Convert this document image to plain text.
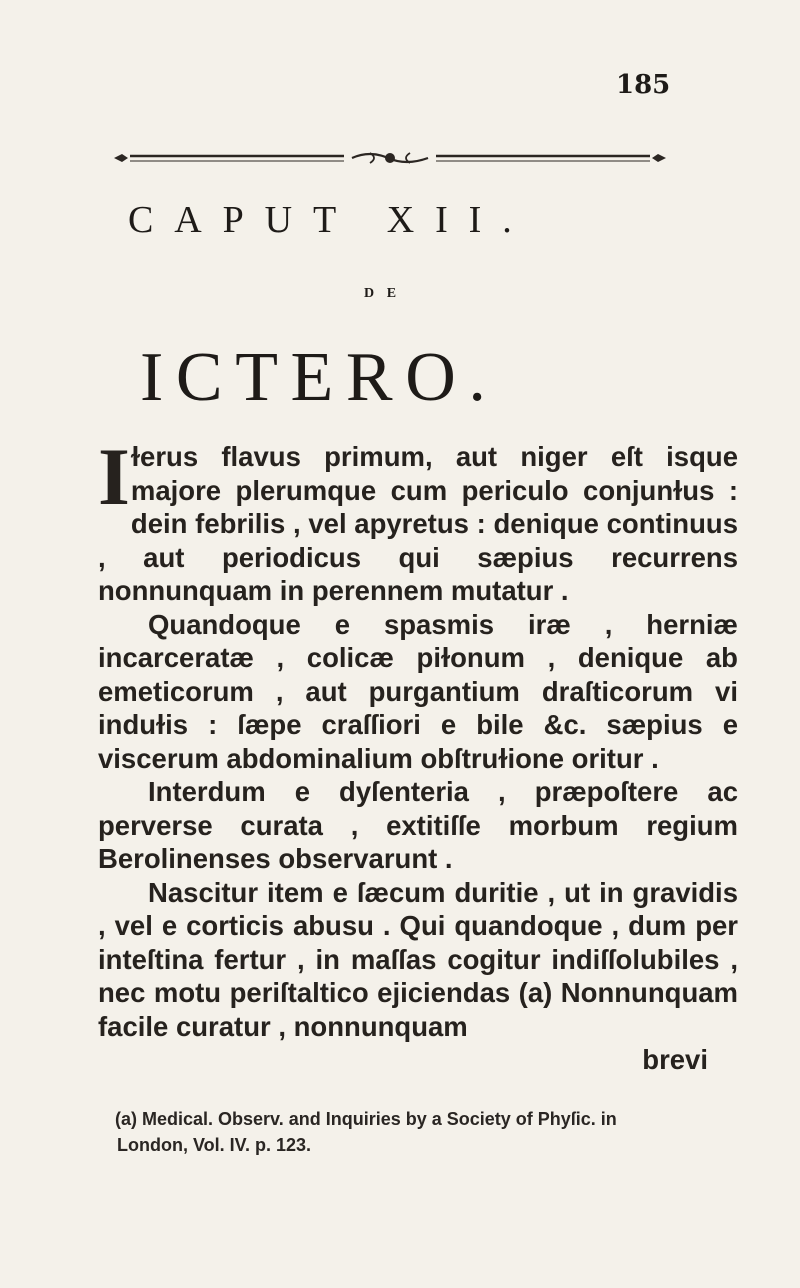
185
CAPUT XII.
DE
ICTERO.

Iɫerus flavus primum, aut niger eſt isque majore plerumque cum periculo conjunɫus : dein febrilis , vel apyretus : denique continuus , aut periodicus qui sæpius recurrens nonnunquam in perennem mutatur .

Quandoque e spasmis iræ , herniæ incarceratæ , colicæ piɫonum , denique ab emeticorum , aut purgantium draſticorum vi induɫis : ſæpe craſſiori e bile &c. sæpius e viscerum abdominalium obſtruɫione oritur .

Interdum e dyſenteria , præpoſtere ac perverse curata , extitiſſe morbum regium Berolinenses observarunt .

Nascitur item e ſæcum duritie , ut in gravidis , vel e corticis abusu . Qui quandoque , dum per inteſtina fertur , in maſſas cogitur indiſſolubiles , nec motu periſtaltico ejiciendas (a) Nonnunquam facile curatur , nonnunquam

brevi

(a) Medical. Observ. and Inquiries by a Society of Phyſic. in

London, Vol. IV. p. 123.
